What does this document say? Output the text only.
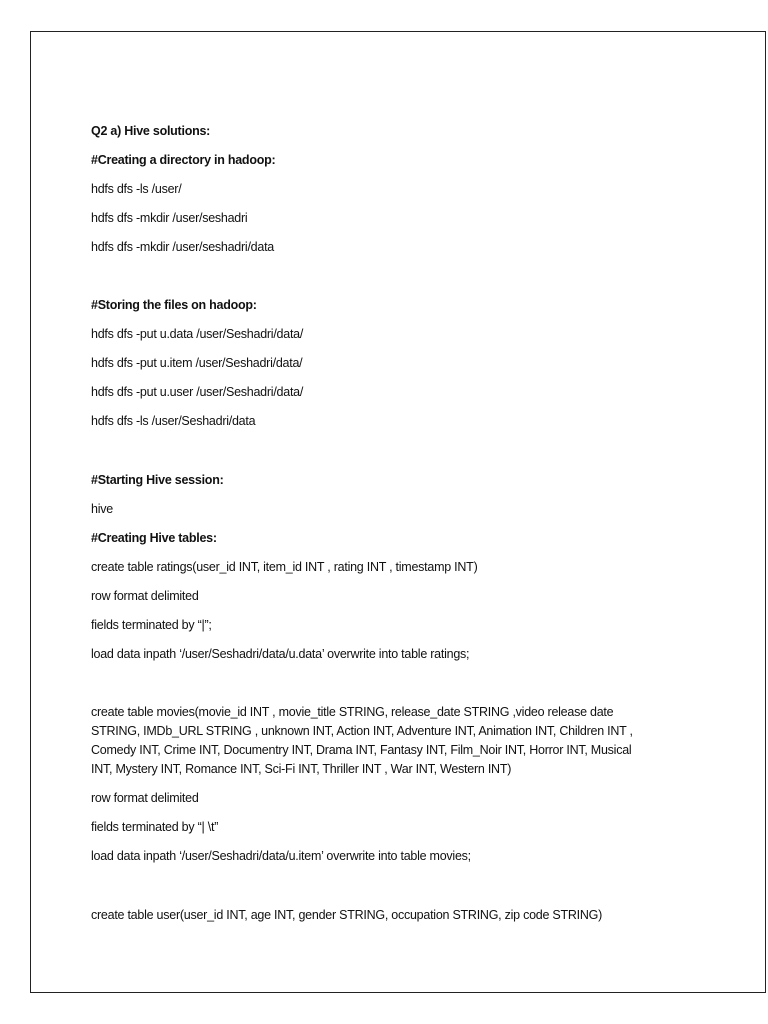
Q2 a) Hive solutions:
#Creating a directory in hadoop:
hdfs dfs -ls /user/
hdfs dfs -mkdir /user/seshadri
hdfs dfs -mkdir /user/seshadri/data
#Storing the files on hadoop:
hdfs dfs -put u.data /user/Seshadri/data/
hdfs dfs -put u.item /user/Seshadri/data/
hdfs dfs -put u.user /user/Seshadri/data/
hdfs dfs -ls /user/Seshadri/data
#Starting Hive session:
hive
#Creating Hive tables:
create table ratings(user_id INT, item_id INT , rating INT , timestamp INT)
row format delimited
fields terminated by “|”;
load data inpath ‘/user/Seshadri/data/u.data’ overwrite into table ratings;
create table movies(movie_id INT , movie_title STRING, release_date STRING ,video release date
STRING, IMDb_URL STRING , unknown INT, Action INT, Adventure INT, Animation INT, Children INT ,
Comedy INT, Crime INT, Documentry INT, Drama INT, Fantasy INT, Film_Noir INT, Horror INT, Musical
INT, Mystery INT, Romance INT, Sci-Fi INT, Thriller INT , War INT, Western INT)
row format delimited
fields terminated by “| \t”
load data inpath ‘/user/Seshadri/data/u.item’ overwrite into table movies;
create table user(user_id INT, age INT, gender STRING, occupation STRING, zip code STRING)
